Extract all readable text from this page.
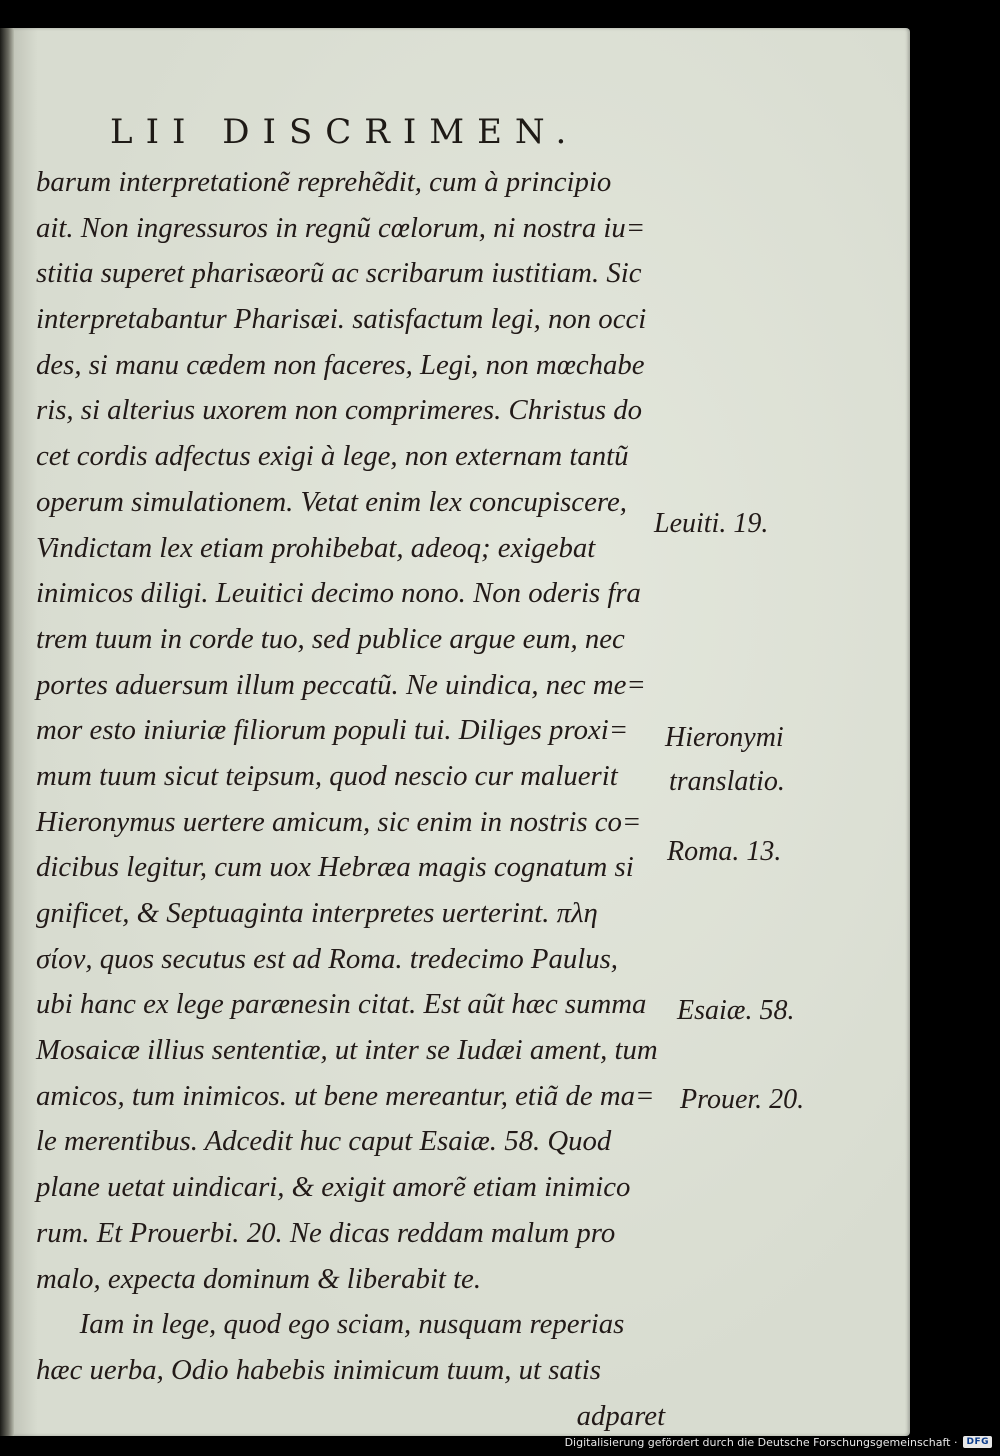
LII DISCRIMEN.
barum interpretationẽ reprehẽdit, cum à principio
ait. Non ingressuros in regnũ cœlorum, ni nostra iu=
stitia superet pharisæorũ ac scribarum iustitiam. Sic
interpretabantur Pharisæi. satisfactum legi, non occi
des, si manu cædem non faceres, Legi, non mœchabe
ris, si alterius uxorem non comprimeres. Christus do
cet cordis adfectus exigi à lege, non externam tantũ
operum simulationem. Vetat enim lex concupiscere,
Vindictam lex etiam prohibebat, adeoq; exigebat
inimicos diligi. Leuitici decimo nono. Non oderis fra
trem tuum in corde tuo, sed publice argue eum, nec
portes aduersum illum peccatũ. Ne uindica, nec me=
mor esto iniuriæ filiorum populi tui. Diliges proxi=
mum tuum sicut teipsum, quod nescio cur maluerit
Hieronymus uertere amicum, sic enim in nostris co=
dicibus legitur, cum uox Hebræa magis cognatum si
gnificet, & Septuaginta interpretes uerterint. πλη
σίον, quos secutus est ad Roma. tredecimo Paulus,
ubi hanc ex lege parænesin citat. Est aũt hæc summa
Mosaicæ illius sententiæ, ut inter se Iudæi ament, tum
amicos, tum inimicos. ut bene mereantur, etiã de ma=
le merentibus. Adcedit huc caput Esaiæ. 58. Quod
plane uetat uindicari, & exigit amorẽ etiam inimico
rum. Et Prouerbi. 20. Ne dicas reddam malum pro
malo, expecta dominum & liberabit te.
Iam in lege, quod ego sciam, nusquam reperias
hæc uerba, Odio habebis inimicum tuum, ut satis
adparet
Leuiti. 19.
Hieronymi
translatio.
Roma. 13.
Esaiæ. 58.
Prouer. 20.
Digitalisierung gefördert durch die Deutsche Forschungsgemeinschaft ·	DFG
